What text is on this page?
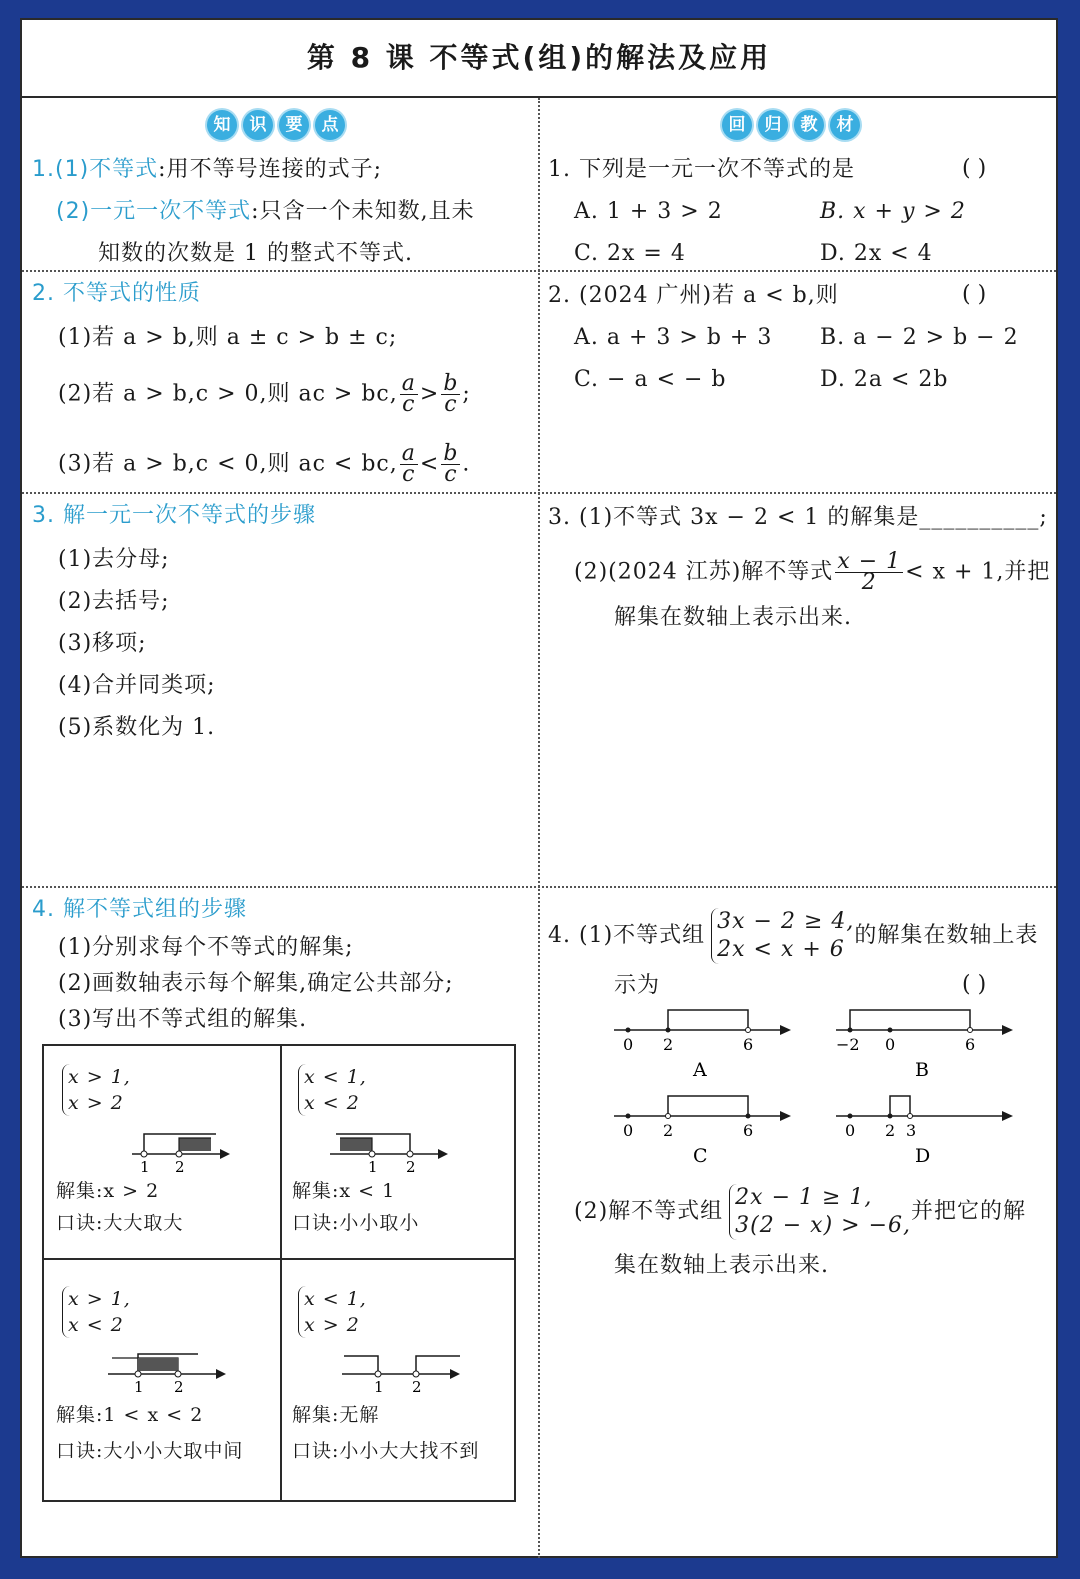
第 8 课 不等式(组)的解法及应用
知 识 要 点	回 归 教 材
1.(1)不等式:用不等号连接的式子;
(2)一元一次不等式:只含一个未知数,且未
知数的次数是 1 的整式不等式.
2. 不等式的性质
(1)若 a > b,则 a ± c > b ± c;
(2)若 a > b,c > 0,则 ac > bc, $\frac{a}{c} > \frac{b}{c}$ ;
(3)若 a > b,c < 0,则 ac < bc, $\frac{a}{c} < \frac{b}{c}$ .
3. 解一元一次不等式的步骤
(1)去分母;
(2)去括号;
(3)移项;
(4)合并同类项;
(5)系数化为 1.
4. 解不等式组的步骤
(1)分别求每个不等式的解集;
(2)画数轴表示每个解集,确定公共部分;
(3)写出不等式组的解集.
x > 1,
x > 2
1 2
解集:x > 2
口诀:大大取大
x < 1,
x < 2
1 2
解集:x < 1
口诀:小小取小
x > 1,
x < 2
1 2
解集:1 < x < 2
口诀:大小小大取中间
x < 1,
x > 2
1 2
解集:无解
口诀:小小大大找不到
1. 下列是一元一次不等式的是	( )
A. 1 + 3 > 2	B. x + y > 2
C. 2x = 4	D. 2x < 4
2. (2024 广州)若 a < b,则	( )
A. a + 3 > b + 3 B. a − 2 > b − 2
C. − a < − b	D. 2a < 2b
3. (1)不等式 3x − 2 < 1 的解集是__________;
(2)(2024 江苏)解不等式 $\frac{x - 1}{2} < x + 1$,并把
解集在数轴上表示出来.
4. (1)不等式组
3x − 2 ≥ 4,
2x < x + 6
的解集在数轴上表
示为	( )
0 2	6
A
−2 0	6
B
0 2	6
C
0 2 3
D
(2)解不等式组
2x − 1 ≥ 1,
3(2 − x) > −6,
并把它的解
集在数轴上表示出来.
